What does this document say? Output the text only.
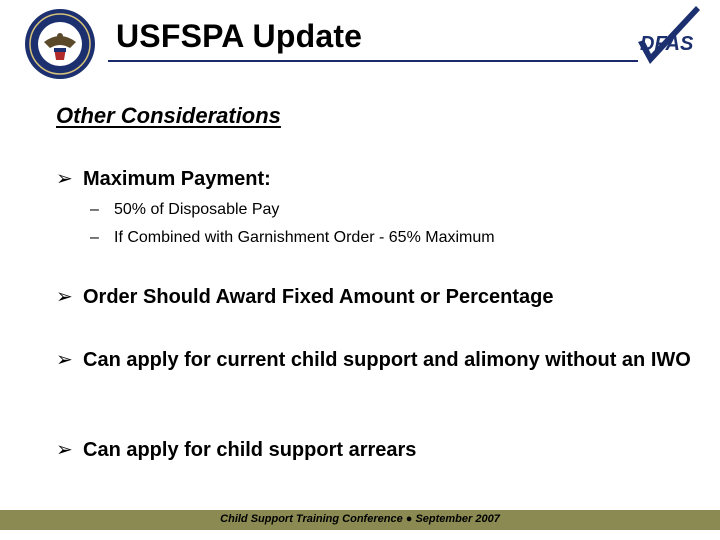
USFSPA Update	DFAS
Other Considerations
➢ Maximum Payment:
– 50% of Disposable Pay
– If Combined with Garnishment Order - 65% Maximum
➢ Order Should Award Fixed Amount or Percentage
➢ Can apply for current child support and alimony without an IWO
➢ Can apply for child support arrears
Child Support Training Conference ● September 2007
